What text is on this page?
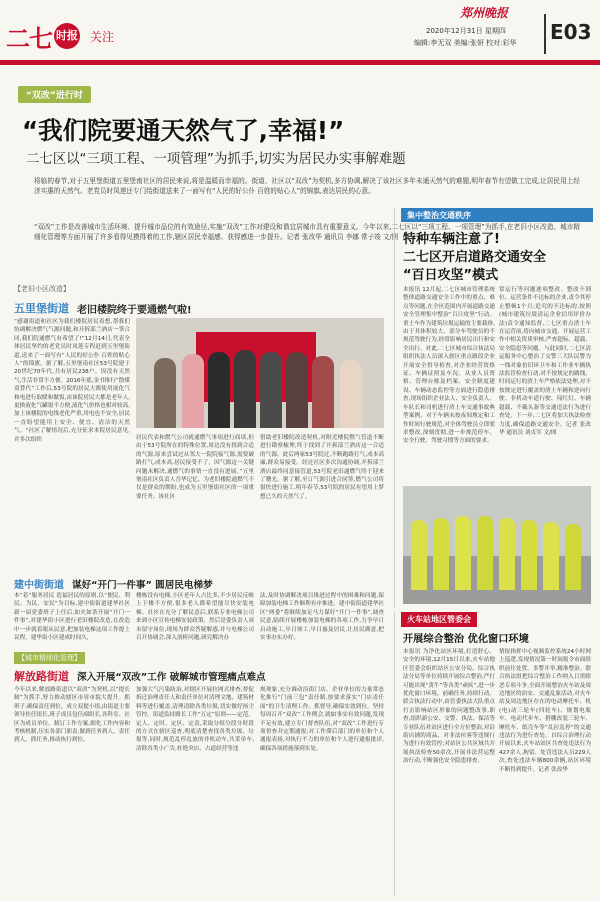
二七 时报 关注
郑州晚报
2020年12月31日 星期四
编辑:李无双 美编:张妍 校对:彩华 E03
“双改”进行时
“我们院要通天然气了,幸福!”
二七区以“三项工程、一项管理”为抓手,切实为居民办实事解难题
将临的春节,对于五里堡街道五里堡南社区的居民来说,将是温暖而幸福的。街道、社区以“双改”为契机,多方协调,解决了该社区多年未通天然气的难题,明年春节有望做工完成,让居民用上经济实惠的天然气。老党员时凤莲还专门给街道送来了一面写有“人民的好公仆 百姓的贴心人”的锦旗,表达居民的心意。
“双改”工作是改善城市生活环境、提升城市品位的有效途径,实施“双改”工作对建设和谐宜居城市具有重要意义。今年以来,二七区以“三项工程、一项管理”为抓手,在老旧小区改造、城市精细化管理等方面开展了许多看得见摸得着的工作,辖区居民幸福感、获得感进一步提升。记者 张改华 通讯员 李娜 常子竣 文/图
【老旧小区改造】
五里堡街道 老旧楼院终于要通燃气啦!
“感谢街道和社区为我们楼院居民着想,帮我们协调解决燃气气源问题,和开拆部兰酒店一签合同,我们院通燃气有希望了!”12月14日,代表全体居民坚约的老党员时凤莲专程赶到五里堡街道,送来了一面写有“人民的好公仆 百姓的贴心人”的锦旗。据了解,五里堡南社区53号院建于20世纪70年代,共有居民238户。因没有天然气,生活非常不方便。2016年底,金书推行“散煤双替代”工作后,53号院的居民大都使用液化气和电进行取暖和做饭,由该院居民大都是老年人,更换液化气罐很不方便,液化气价格也相对较高,加上该楼院的电线老化严重,用电也不安全,居民一直盼望能用上安全、便宜、清洁的天然气。“社区了解情况后,充分征求本院居民意见,并多次组织	居民代表和燃气公司就通燃气事项进行商谈,但由于53号院所在的特殊位置,周边没有找到合适的气源,原来尝试过从邻大一院院接气源,需要破路打气,成本高,居民接受不了。因气源这一关键问题未解决,通燃气的事情一直没有进展。”五里堡南社区负责人吾华记忆。为老旧楼院通燃气不仅是群众的期盼,也成为五里堡街社区的一项重要任务。该社区
借助老旧楼院改造契机,对附近楼院燃气管道不断进行勘察梳理,终于找到了开拆部兰酒店这一合适的气源。此后两家53号院过,不断跑路打气,成本高廉,群众易接受。经过社区多次沟通协调,开拆部兰酒店最终同意接管道,53号院老旧通燃气终于迎来了曙光。据了解,至订气源引进合同签,燃气公司将很快进行施工,明年春节,53号院的居民有望用上梦想已久的天然气了。
建中街街道 谋好“开门一件事” 圆居民电梯梦
本“着”服务居民 造福居民的原则,以“便民、利民、为民、安民”为目标,建中街街道建华社区新一届党委班子上任后,如火如荼开展“开门一件事”,对建华街小区进行老旧楼院改造,在改造中一步就着眼从民意,把加装电梯这项工作提上议程。建华街小区建成时间久,
楼栋没有电梯,小区老年人占比多,不少居民反映上下楼不方便,很多老人都希望能尽快安装电梯。社区在充分了解民意后,联系专业电梯公司来到小区宣传电梯安装政策。然后党委负责人周末留守岗位,现场为群众答疑解惑,并与电梯公司召开协调会,深入剖析问题,研究解决办
法,及时协调解决项目推进过程中的困难和问题,保障加装电梯工作顺利有序推进。建中街街道建华社区“两委”将继续加足马力谋好“开门一件事”,调查民意,陆续开展楼栋加装电梯的各项工作,力争早日启动施工,早日竣工,早日惠及居民,让居民满意,把实事办实办好。
【城市精细化管理】
解放路街道 深入开展“双改”工作 破解城市管理痛点难点
今年以来,解放路街道以“双改”为契机,以“提长制”为抓手,努力推动辖区市容市貌大提升。抓班子,确保责任到位。成立双提小组,由街道主要领导挂任组长,班子成员包任副组长,各科室、社区为成员单位。制订工作方案,细化工作内容和考核机制,压实各部门职责,做到任务到人、责任到人。抓任务,推动执行到位。
加强大气污染防治,对辖区开展拉网式排查,督促拆迁治理责任人和责任单位对清理文地、建筑材料等进行覆盖,清理清除各类垃圾,切实做好扬尘管控。街道监持路长工作“五定”原则——定范、定人、定时、定区、定责,采取分组分段分时段的方式在辖区巡查,明底清楚查找各类垃圾、垃圾等,同时,规范乱停乱放的非机动车,共采单车,清除各类小广告,杜绝突店、占道经营等违
规现象,充分调动沿街门店、企业单位的力量常态化推行“门前三包”责任制,按要求落实“门店责任面”的卫生清理工作。抓督导,确保实效到位。坚持每周召开“双改”工作例会,就如事实有效问题,发现不足有效,建立专门督查队伍,对“双改”工作进行专项督查并定期通报;对工作滞后部门的单位和个人通报表扬,对执行不力的单位和个人进行通报批评,确保各项措施落到实处。
集中整治交通秩序
特种车辆注意了!
二七区开启道路交通安全
“百日攻坚”模式
本报讯 12月起,二七区城市管理系统整体道路交通安全工作中的重点、难点等问题,在全区范围内开展道路交通安全管理集中整治“百日攻坚”行动。重土车作为建筑垃圾运输的主要载体,由于其体积较大、部分车驾驶员的不规范驾驶行为,经常影响居民出行和安全出行。对此,二七区城市综合执法局组织执法人员深入辖区重点路段企业开展安全督导检查,对企业经营资格证、车辆证照及车况、从业人员资格、管理台账及档案、安全制度建设、车辆动态监控等方面进行隐患排查,现场组织企业法人、安全负责人、车队长和司机进行渣土车交通事故典型案例。对于车辆未按夜间规定和工作时间行驶规范,对全体驾驶员立即要求整改,深刻贯彻,进一步规范停车、安全行驶、驾驶习惯等方面的要求。
常运行等问题逐项整改。整改不到位、运营条件不达标的企业,责令其停止整顿1个月;追究的不达标的,按照(城市建筑垃圾清运企业信用评价办法)责令通知监督,二七区重点渣土车在运营前,将向城市交通、开展运营工作中相关资质审核,严查超标、超载、安全隐患等问题。与此同时,二七区清运服务中心整治了交警三大队民警为一线对象仿旧环卫车和工作业车辆执法监管检查行动,对不按规定的路线、时间运行的渣土车严格依法处理,对不按规定进行覆盖的渣土车辆和逆向行驶、非机动车道行驶、闯红灯、车辆超载、不戴头盔等交通违法行为进行查处。下一步,二七区将加大执法检查力度,确保道路交通安全。记者 张改华 通讯员 刘贞军 文/图
火车站地区管委会
开展综合整治 优化窗口环境
本报讯 为净化站区环境,打造舒心、安全的环境,12月15日以来,火车站地区管委会组织站区公安分局、综合执法分局等单位持续开展综合整治,严打可能出现“黄牛”等各类“顽疾”,进一步优化窗口环境。前确任务,持续行动。联合执法行动中,由管委执法大队重点打击影响站区形象的问题整改事,职查,组织新公安、交警、执法、保洁等专业队伍对站区进行全方位整治,对沿街店铺的商品、对非法拉客等违规行为进行有效管控;对站区公共区域共开展执法检查50余次,开展非法营运整治行动,不断强化安全隐患排查。
情报指挥中心视频监控系统24小时网上巡逻,发现情况第一时间报令市面组织前往处置。多警并举,精准整治。联合执法组把综合整治工作纳入日黑除恶专项斗争,全面开展整治火车站及周边地区的治安、交通乱象活动,对火车站及周边地区存在的电动摩托车、机(电)动三轮车(四轮车)、规划电瓶车、电动代步车、搭棚改装三轮车、摩托车、纸壳车等“乱拉乱停”的交通违法行为进行查处。自综合治理行动开展以来,火车站站区共查处违法行为427余人,拘留、处罚违法人员229人次,查处违法车辆800余辆,站区环境不断得到提升。记者 张改华
